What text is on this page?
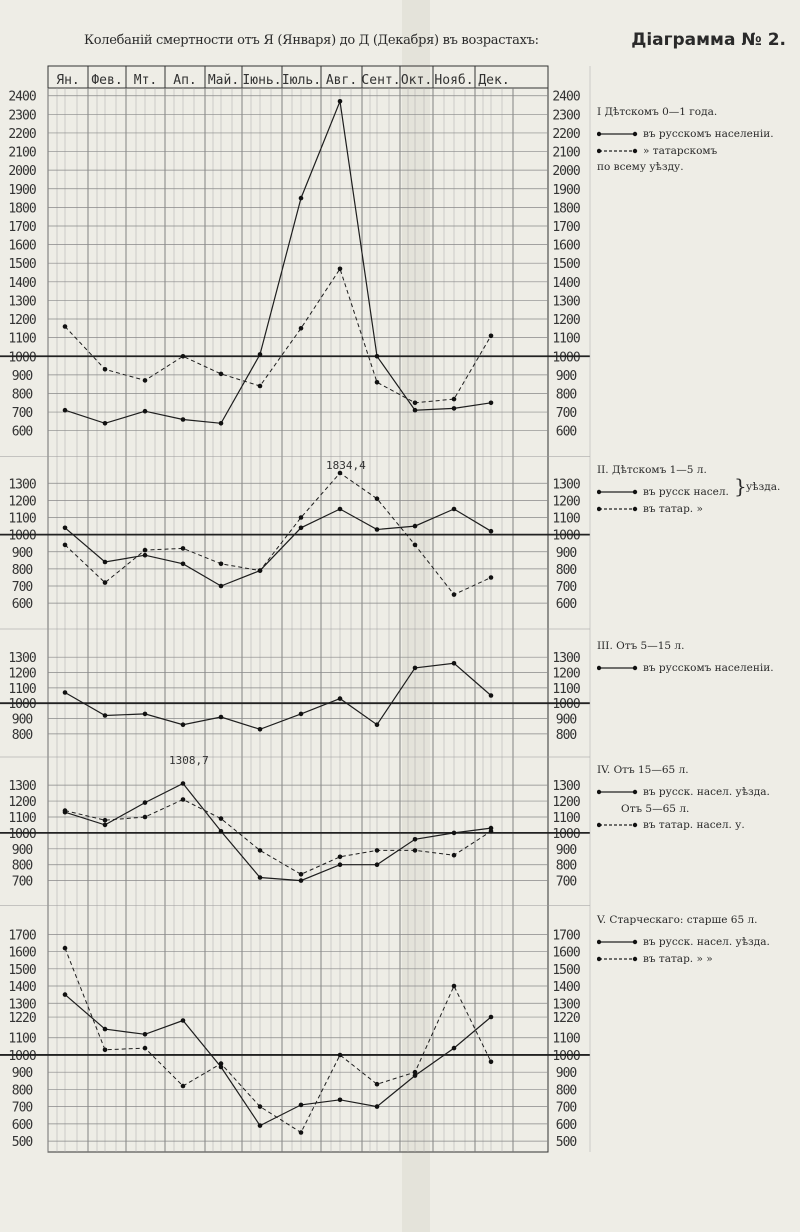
Ян. Фев. Мт. Ап. Май. Іюнь. Іюль. Авг. Сент. Окт. Нояб. Дек.
600	600
700	700
800	800
900	900
1000	1000
1100	1100
1200	1200
1300	1300
1400	1400
1500	1500
1600	1600
1700	1700
1800	1800
1900	1900
2000	2000
2100	2100
2200	2200
2300	2300
2400	2400
600	600
700	700
800	800
900	900
1000	1000
1100	1100
1200	1200
1300	1300
1834,4
800	800
900	900
1000	1000
1100	1100
1200	1200
1300	1300
700	700
800	800
900	900
1000	1000
1100	1100
1200	1200
1300	1300
1308,7
500	500
600	600
700	700
800	800
900	900
1000	1000
1100	1100
1220	1220
1300	1300
1400	1400
1500	1500
1600	1600
1700	1700
Колебаній смертности отъ Я (Января) до Д (Декабря) въ возрастахъ:	Діаграмма № 2.
I Дѣтскомъ 0—1 года.
въ русскомъ населеніи.
» татарскомъ
по всему уѣзду.
II. Дѣтскомъ 1—5 л.
въ русск насел.
въ татар. »
} уѣзда.
III. Отъ 5—15 л.
въ русскомъ населеніи.
IV. Отъ 15—65 л.
въ русск. насел. уѣзда.
Отъ 5—65 л.
въ татар. насел. у.
V. Старческаго: старше 65 л.
въ русск. насел. уѣзда.
въ татар. » »
